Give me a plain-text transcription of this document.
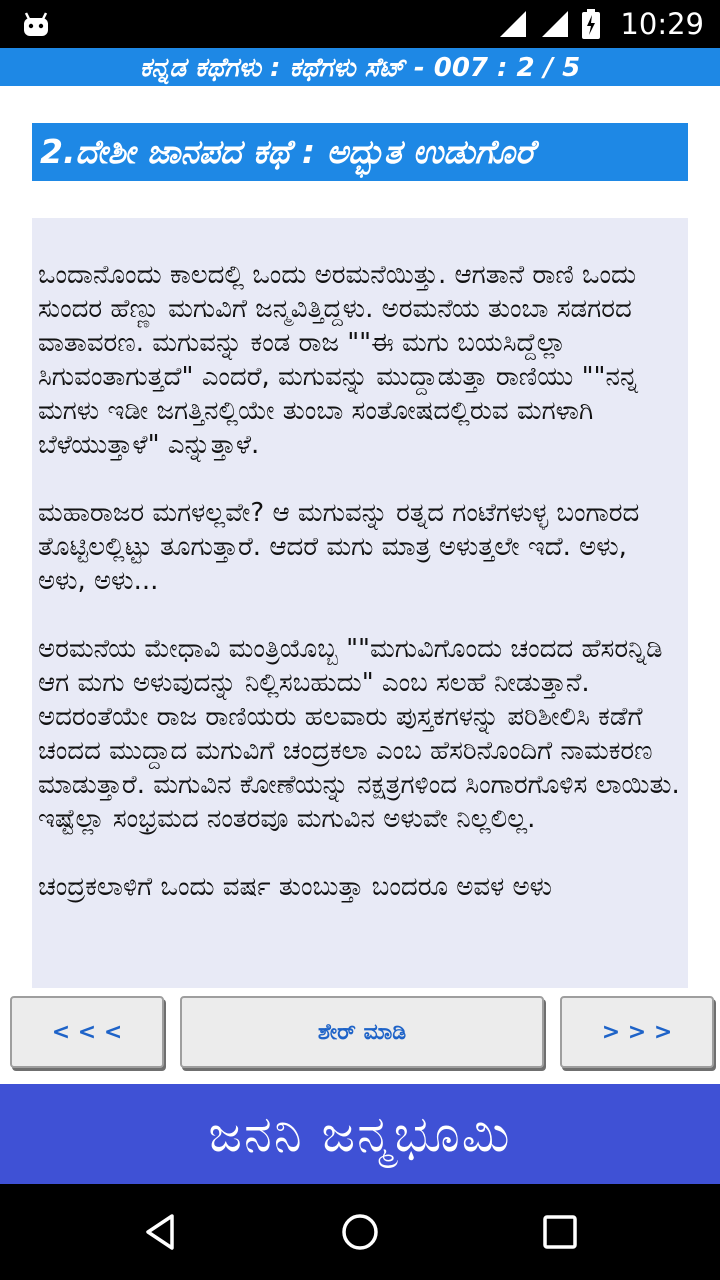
10:29
ಕನ್ನಡ ಕಥೆಗಳು : ಕಥೆಗಳು ಸೆಟ್ - 007 : 2 / 5
2.ದೇಶೀ ಜಾನಪದ ಕಥೆ : ಅದ್ಭುತ ಉಡುಗೊರೆ

ಒಂದಾನೊಂದು ಕಾಲದಲ್ಲಿ ಒಂದು ಅರಮನೆಯಿತ್ತು. ಆಗತಾನೆ ರಾಣಿ ಒಂದು ಸುಂದರ ಹೆಣ್ಣು ಮಗುವಿಗೆ ಜನ್ಮವಿತ್ತಿದ್ದಳು. ಅರಮನೆಯ ತುಂಬಾ ಸಡಗರದ ವಾತಾವರಣ. ಮಗುವನ್ನು ಕಂಡ ರಾಜ ""ಈ ಮಗು ಬಯಸಿದ್ದೆಲ್ಲಾ ಸಿಗುವಂತಾಗುತ್ತದೆ" ಎಂದರೆ, ಮಗುವನ್ನು ಮುದ್ದಾಡುತ್ತಾ ರಾಣಿಯು ""ನನ್ನ ಮಗಳು ಇಡೀ ಜಗತ್ತಿನಲ್ಲಿಯೇ ತುಂಬಾ ಸಂತೋಷದಲ್ಲಿರುವ ಮಗಳಾಗಿ ಬೆಳೆಯುತ್ತಾಳೆ" ಎನ್ನುತ್ತಾಳೆ.

ಮಹಾರಾಜರ ಮಗಳಲ್ಲವೇ? ಆ ಮಗುವನ್ನು ರತ್ನದ ಗಂಟೆಗಳುಳ್ಳ ಬಂಗಾರದ ತೊಟ್ಟಿಲಲ್ಲಿಟ್ಟು ತೂಗುತ್ತಾರೆ. ಆದರೆ ಮಗು ಮಾತ್ರ ಅಳುತ್ತಲೇ ಇದೆ. ಅಳು, ಅಳು, ಅಳು...

ಅರಮನೆಯ ಮೇಧಾವಿ ಮಂತ್ರಿಯೊಬ್ಬ ""ಮಗುವಿಗೊಂದು ಚಂದದ ಹೆಸರನ್ನಿಡಿ ಆಗ ಮಗು ಅಳುವುದನ್ನು ನಿಲ್ಲಿಸಬಹುದು" ಎಂಬ ಸಲಹೆ ನೀಡುತ್ತಾನೆ. ಅದರಂತೆಯೇ ರಾಜ ರಾಣಿಯರು ಹಲವಾರು ಪುಸ್ತಕಗಳನ್ನು ಪರಿಶೀಲಿಸಿ ಕಡೆಗೆ ಚಂದದ ಮುದ್ದಾದ ಮಗುವಿಗೆ ಚಂದ್ರಕಲಾ ಎಂಬ ಹೆಸರಿನೊಂದಿಗೆ ನಾಮಕರಣ ಮಾಡುತ್ತಾರೆ. ಮಗುವಿನ ಕೋಣೆಯನ್ನು ನಕ್ಷತ್ರಗಳಿಂದ ಸಿಂಗಾರಗೊಳಿಸ ಲಾಯಿತು. ಇಷ್ಟೆಲ್ಲಾ ಸಂಭ್ರಮದ ನಂತರವೂ ಮಗುವಿನ ಅಳುವೇ ನಿಲ್ಲಲಿಲ್ಲ.

ಚಂದ್ರಕಲಾಳಿಗೆ ಒಂದು ವರ್ಷ ತುಂಬುತ್ತಾ ಬಂದರೂ ಅವಳ ಅಳು

< < <	ಶೇರ್ ಮಾಡಿ	> > >
ಜನನಿ ಜನ್ಮಭೂಮಿ
